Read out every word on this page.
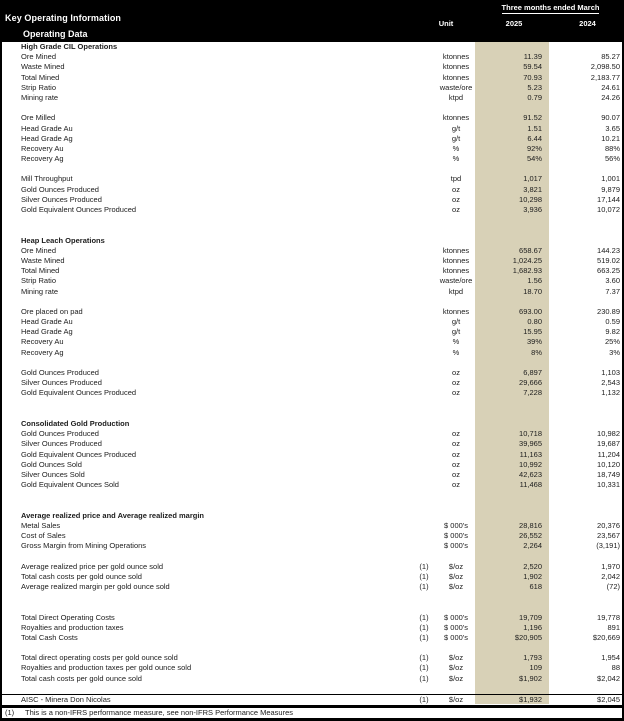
Key Operating Information
Operating Data
Three months ended March
Unit	2025	2024
High Grade CIL Operations
Ore Mined	ktonnes	11.39	85.27
Waste Mined	ktonnes	59.54	2,098.50
Total Mined	ktonnes	70.93	2,183.77
Strip Ratio	waste/ore	5.23	24.61
Mining rate	ktpd	0.79	24.26
Ore Milled	ktonnes	91.52	90.07
Head Grade Au	g/t	1.51	3.65
Head Grade Ag	g/t	6.44	10.21
Recovery Au	%	92%	88%
Recovery Ag	%	54%	56%
Mill Throughput	tpd	1,017	1,001
Gold Ounces Produced	oz	3,821	9,879
Silver Ounces Produced	oz	10,298	17,144
Gold Equivalent Ounces Produced	oz	3,936	10,072
Heap Leach Operations
Ore Mined	ktonnes	658.67	144.23
Waste Mined	ktonnes	1,024.25	519.02
Total Mined	ktonnes	1,682.93	663.25
Strip Ratio	waste/ore	1.56	3.60
Mining rate	ktpd	18.70	7.37
Ore placed on pad	ktonnes	693.00	230.89
Head Grade Au	g/t	0.80	0.59
Head Grade Ag	g/t	15.95	9.82
Recovery Au	%	39%	25%
Recovery Ag	%	8%	3%
Gold Ounces Produced	oz	6,897	1,103
Silver Ounces Produced	oz	29,666	2,543
Gold Equivalent Ounces Produced	oz	7,228	1,132
Consolidated Gold Production
Gold Ounces Produced	oz	10,718	10,982
Silver Ounces Produced	oz	39,965	19,687
Gold Equivalent Ounces Produced	oz	11,163	11,204
Gold Ounces Sold	oz	10,992	10,120
Silver Ounces Sold	oz	42,623	18,749
Gold Equivalent Ounces Sold	oz	11,468	10,331
Average realized price and Average realized margin
Metal Sales	$ 000's	28,816	20,376
Cost of Sales	$ 000's	26,552	23,567
Gross Margin from Mining Operations	$ 000's	2,264	(3,191)
Average realized price per gold ounce sold	(1)	$/oz	2,520	1,970
Total cash costs per gold ounce sold	(1)	$/oz	1,902	2,042
Average realized margin per gold ounce sold	(1)	$/oz	618	(72)
Total Direct Operating Costs	(1)	$ 000's	19,709	19,778
Royalties and production taxes	(1)	$ 000's	1,196	891
Total Cash Costs	(1)	$ 000's	$20,905	$20,669
Total direct operating costs per gold ounce sold	(1)	$/oz	1,793	1,954
Royalties and production taxes per gold ounce sold	(1)	$/oz	109	88
Total cash costs per gold ounce sold	(1)	$/oz	$1,902	$2,042
AISC - Minera Don Nicolas	(1)	$/oz	$1,932	$2,045
(1) This is a non-IFRS performance measure, see non-IFRS Performance Measures
